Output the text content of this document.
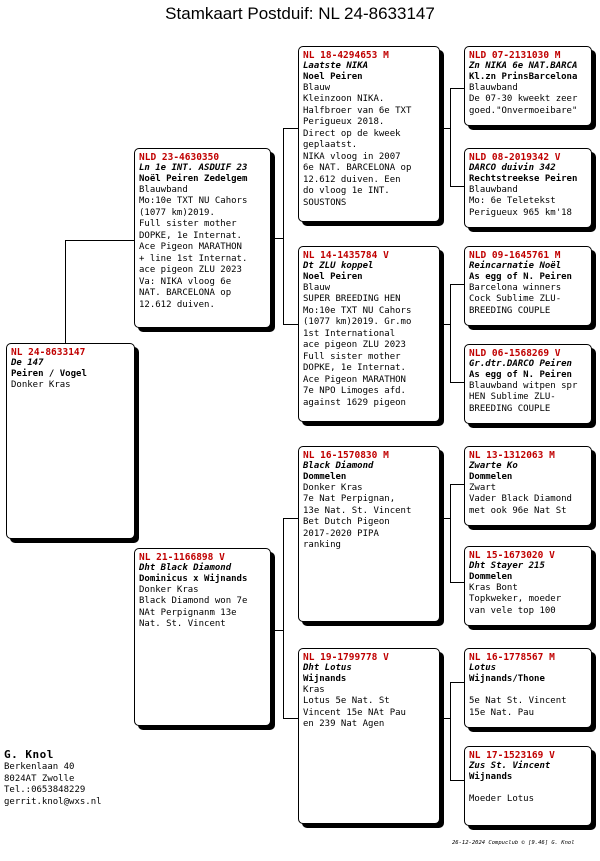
Stamkaart Postduif: NL 24-8633147
NL 24-8633147
De 147
Peiren / Vogel
Donker Kras
NLD 23-4630350
Ln 1e INT. ASDUIF 23
Noël Peiren Zedelgem
Blauwband
Mo:10e TXT NU Cahors
(1077 km)2019.
Full sister mother
DOPKE, 1e Internat.
Ace Pigeon MARATHON
+ line 1st Internat.
ace pigeon ZLU 2023
Va: NIKA vloog 6e
NAT. BARCELONA op
12.612 duiven.
NL 21-1166898 V
Dht Black Diamond
Dominicus x Wijnands
Donker Kras
Black Diamond won 7e
NAt Perpignanm 13e
Nat. St. Vincent
NL 18-4294653 M
Laatste NIKA
Noel Peiren
Blauw
Kleinzoon NIKA.
Halfbroer van 6e TXT
Perigueux 2018.
Direct op de kweek
geplaatst.
NIKA vloog in 2007
6e NAT. BARCELONA op
12.612 duiven. Een
do vloog 1e INT.
SOUSTONS
NL 14-1435784 V
Dt ZLU koppel
Noel Peiren
Blauw
SUPER BREEDING HEN
Mo:10e TXT NU Cahors
(1077 km)2019. Gr.mo
1st International
ace pigeon ZLU 2023
Full sister mother
DOPKE, 1e Internat.
Ace Pigeon MARATHON
7e NPO Limoges afd.
against 1629 pigeon
NL 16-1570830 M
Black Diamond
Dommelen
Donker Kras
7e Nat Perpignan,
13e Nat. St. Vincent
Bet Dutch Pigeon
2017-2020 PIPA
ranking
NL 19-1799778 V
Dht Lotus
Wijnands
Kras
Lotus 5e Nat. St
Vincent 15e NAt Pau
en 239 Nat Agen
NLD 07-2131030 M
Zn NIKA 6e NAT.BARCA
Kl.zn PrinsBarcelona
Blauwband
De 07-30 kweekt zeer
goed."Onvermoeibare"
NLD 08-2019342 V
DARCO duivin 342
Rechtstreekse Peiren
Blauwband
Mo: 6e Teletekst
Perigueux 965 km'18
NLD 09-1645761 M
Reincarnatie Noël
As egg of N. Peiren
Barcelona winners
Cock Sublime ZLU-
BREEDING COUPLE
NLD 06-1568269 V
Gr.dtr.DARCO Peiren
As egg of N. Peiren
Blauwband witpen spr
HEN Sublime ZLU-
BREEDING COUPLE
NL 13-1312063 M
Zwarte Ko
Dommelen
Zwart
Vader Black Diamond
met ook 96e Nat St
NL 15-1673020 V
Dht Stayer 215
Dommelen
Kras Bont
Topkweker, moeder
van vele top 100
NL 16-1778567 M
Lotus
Wijnands/Thone

5e Nat St. Vincent
15e Nat. Pau
NL 17-1523169 V
Zus St. Vincent
Wijnands

Moeder Lotus
G. Knol
Berkenlaan 40
8024AT Zwolle
Tel.:0653848229
gerrit.knol@wxs.nl
26-12-2024 Compuclub © [9.46] G. Knol
